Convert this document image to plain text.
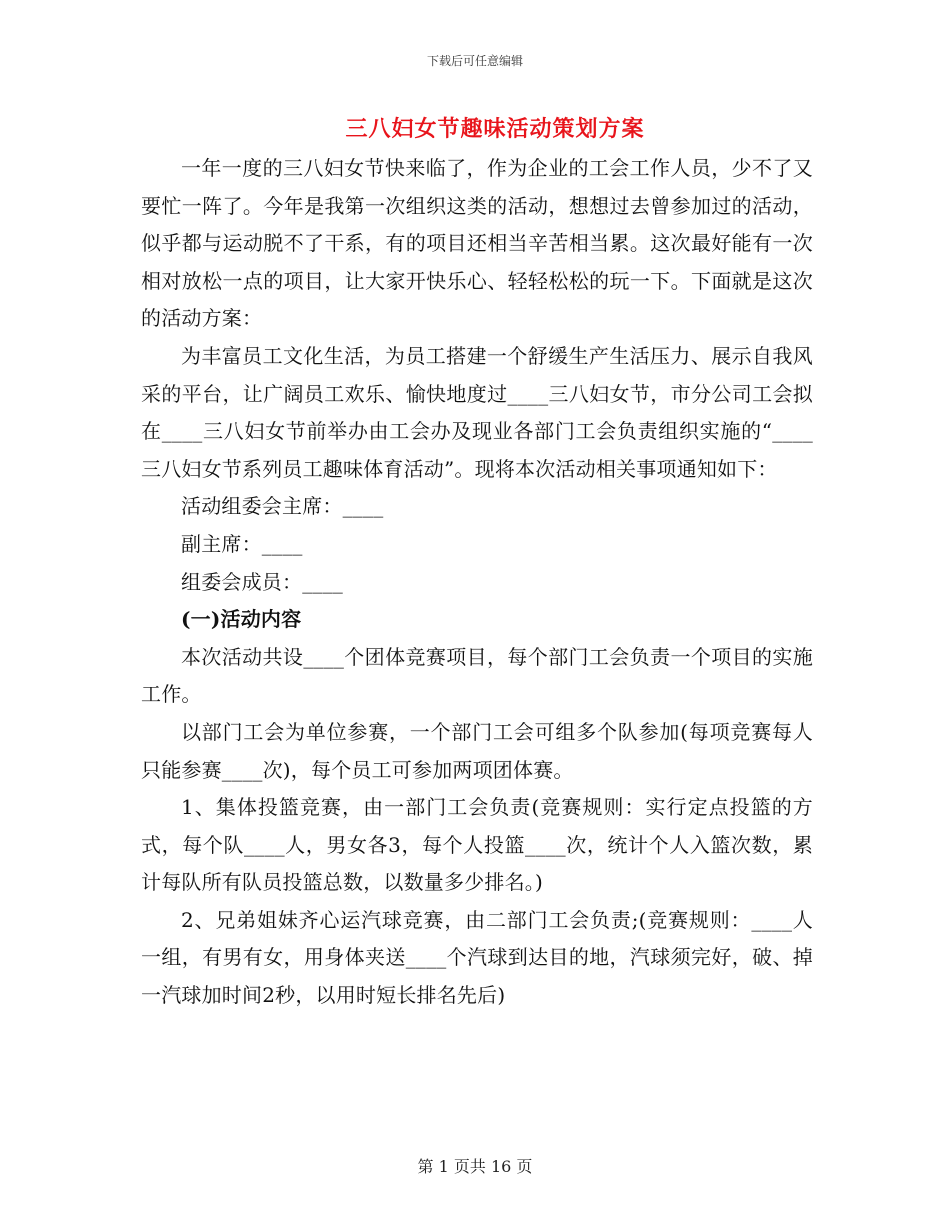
下载后可任意编辑
三八妇女节趣味活动策划方案

一年一度的三八妇女节快来临了，作为企业的工会工作人员，少不了又要忙一阵了。今年是我第一次组织这类的活动，想想过去曾参加过的活动，似乎都与运动脱不了干系，有的项目还相当辛苦相当累。这次最好能有一次相对放松一点的项目，让大家开快乐心、轻轻松松的玩一下。下面就是这次的活动方案：

为丰富员工文化生活，为员工搭建一个舒缓生产生活压力、展示自我风采的平台，让广阔员工欢乐、愉快地度过____三八妇女节，市分公司工会拟在____三八妇女节前举办由工会办及现业各部门工会负责组织实施的“____三八妇女节系列员工趣味体育活动”。现将本次活动相关事项通知如下：

活动组委会主席：____

副主席：____

组委会成员：____

(一)活动内容

本次活动共设____个团体竞赛项目，每个部门工会负责一个项目的实施工作。

以部门工会为单位参赛，一个部门工会可组多个队参加(每项竞赛每人只能参赛____次)，每个员工可参加两项团体赛。

1、集体投篮竞赛，由一部门工会负责(竞赛规则：实行定点投篮的方式，每个队____人，男女各3，每个人投篮____次，统计个人入篮次数，累计每队所有队员投篮总数，以数量多少排名。)

2、兄弟姐妹齐心运汽球竞赛，由二部门工会负责;(竞赛规则：____人一组，有男有女，用身体夹送____个汽球到达目的地，汽球须完好，破、掉一汽球加时间2秒，以用时短长排名先后)

第 1 页共 16 页
